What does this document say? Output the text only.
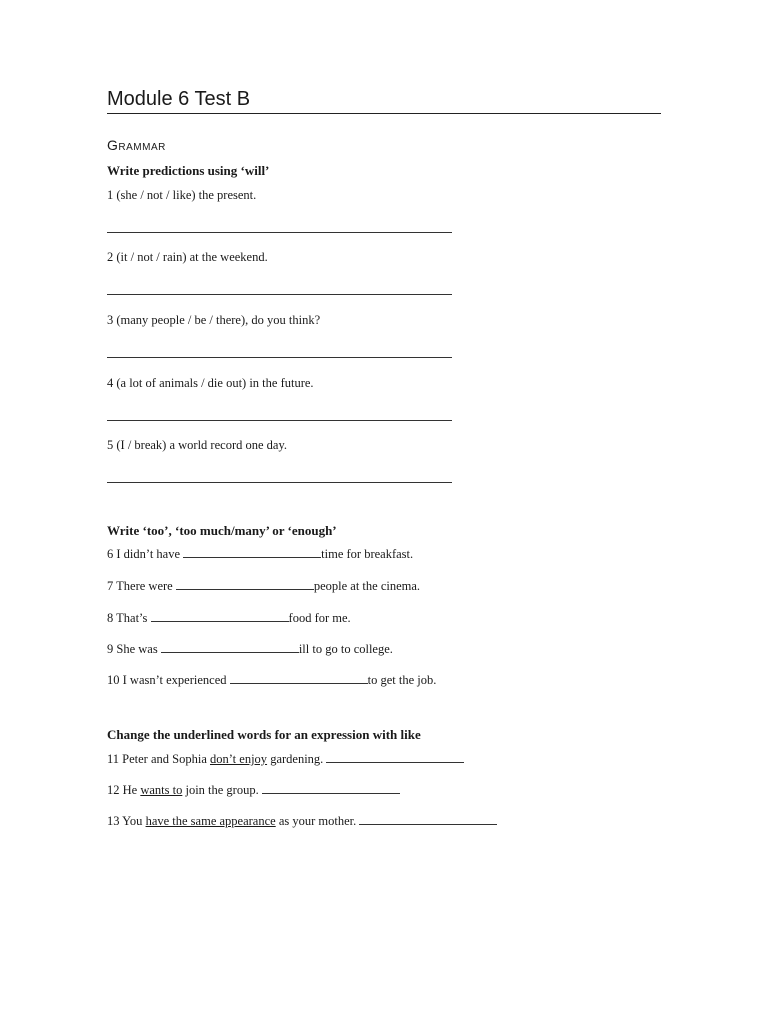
Module 6 Test B
Grammar
Write predictions using ‘will’
1 (she / not / like) the present.
2 (it / not / rain) at the weekend.
3 (many people / be / there), do you think?
4 (a lot of animals / die out) in the future.
5 (I / break) a world record one day.
Write ‘too’, ‘too much/many’ or ‘enough’
6 I didn’t have	time for breakfast.
7 There were	people at the cinema.
8 That’s	food for me.
9 She was	ill to go to college.
10 I wasn’t experienced	to get the job.
Change the underlined words for an expression with like
11 Peter and Sophia don’t enjoy gardening.
12 He wants to join the group.
13 You have the same appearance as your mother.
